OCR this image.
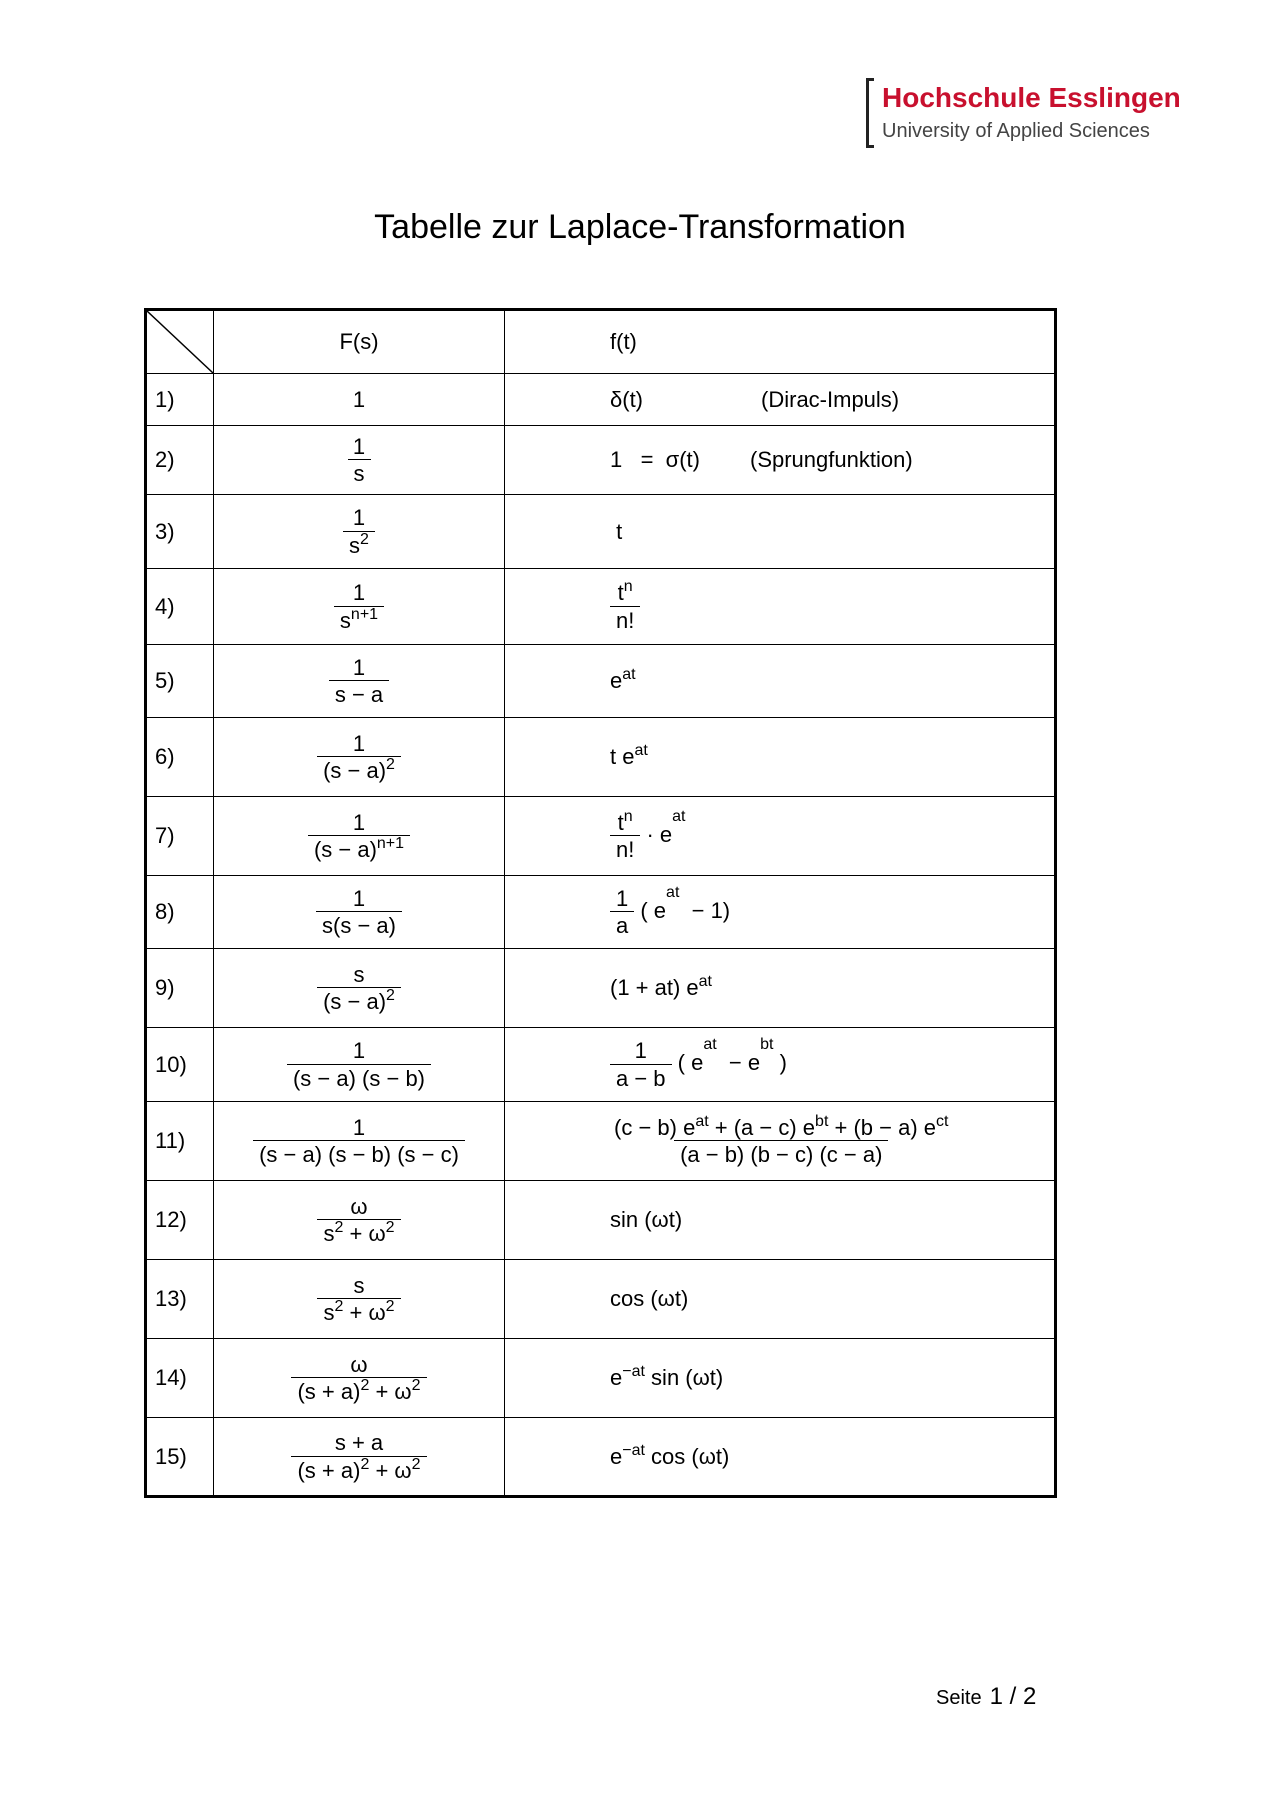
Hochschule Esslingen
University of Applied Sciences
Tabelle zur Laplace-Transformation
	F(s)	f(t)
1)	1	δ(t) (Dirac-Impuls)
2)	$\frac{1}{s}$	1   =  σ(t) (Sprungfunktion)
3)	$\frac{1}{s^2}$	t
4)	$\frac{1}{s^{n+1}}$	$\frac{t^n}{n!}$

5)	$\frac{1}{s - a}$	$e^{at}$
6)	$\frac{1}{(s - a)^2}$	t $e^{at}$
7)	$\frac{1}{(s - a)^{n+1}}$	$\frac{t^n}{n!} \cdot e^{at}$
8)	$\frac{1}{s(s - a)}$	$\frac{1}{a}$ ( $e^{at} - 1$)
9)	$\frac{s}{(s - a)^2}$	(1 + at) $e^{at}$
10)	$\frac{1}{(s - a) (s - b)}$	$\frac{1}{a - b}$ ( $e^{at} - e^{bt}$ )
11)	$\frac{1}{(s - a) (s - b) (s - c)}$	$\frac{(c - b) e^{at} + (a - c) e^{bt} + (b - a) e^{ct}}{(a - b) (b - c) (c - a)}$

12)	$\frac{\omega}{s^2 + \omega^2}$	sin (ωt)
13)	$\frac{s}{s^2 + \omega^2}$	cos (ωt)
14)	$\frac{\omega}{(s + a)^2 + \omega^2}$	$e^{-at}$ sin (ωt)
15)	$\frac{s + a}{(s + a)^2 + \omega^2}$	$e^{-at}$ cos (ωt)
Seite 1 / 2
